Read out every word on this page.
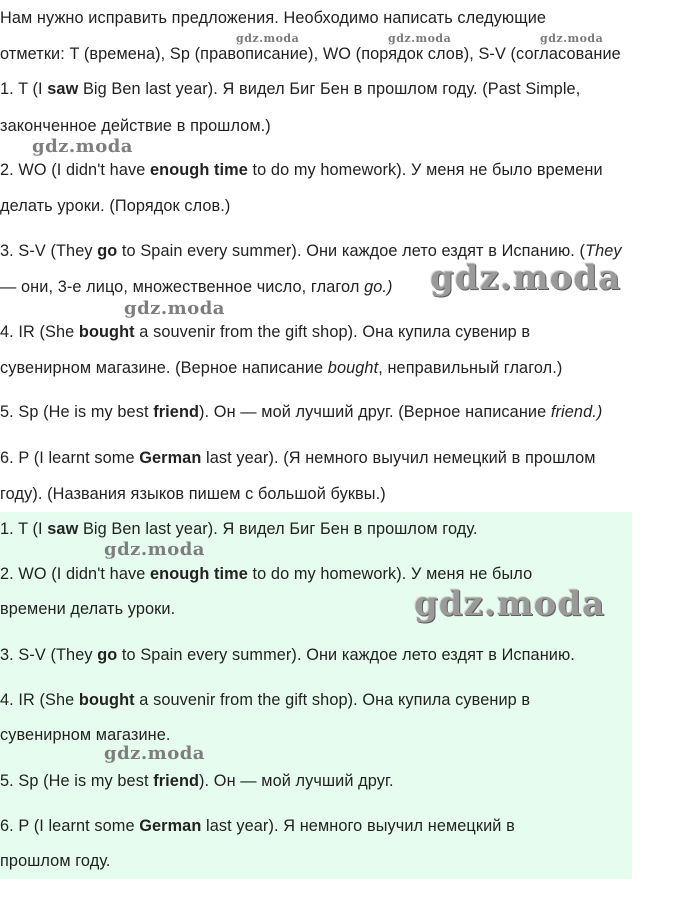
Нам нужно исправить предложения. Необходимо написать следующие
отметки: T (времена), Sp (правописание), WO (порядок слов), S-V (согласование
1. T (I saw Big Ben last year). Я видел Биг Бен в прошлом году. (Past Simple,
законченное действие в прошлом.)
2. WO (I didn't have enough time to do my homework). У меня не было времени
делать уроки. (Порядок слов.)
3. S-V (They go to Spain every summer). Они каждое лето ездят в Испанию. (They
— они, 3-е лицо, множественное число, глагол go.)
4. IR (She bought a souvenir from the gift shop). Она купила сувенир в
сувенирном магазине. (Верное написание bought, неправильный глагол.)
5. Sp (He is my best friend). Он — мой лучший друг. (Верное написание friend.)
6. P (I learnt some German last year). (Я немного выучил немецкий в прошлом
году). (Названия языков пишем с большой буквы.)
1. T (I saw Big Ben last year). Я видел Биг Бен в прошлом году.
2. WO (I didn't have enough time to do my homework). У меня не было
времени делать уроки.
3. S-V (They go to Spain every summer). Они каждое лето ездят в Испанию.
4. IR (She bought a souvenir from the gift shop). Она купила сувенир в
сувенирном магазине.
5. Sp (He is my best friend). Он — мой лучший друг.
6. P (I learnt some German last year). Я немного выучил немецкий в
прошлом году.
gdz.moda	gdz.moda	gdz.moda
gdz.moda
gdz.moda
gdz.moda
gdz.moda
gdz.moda
gdz.moda
